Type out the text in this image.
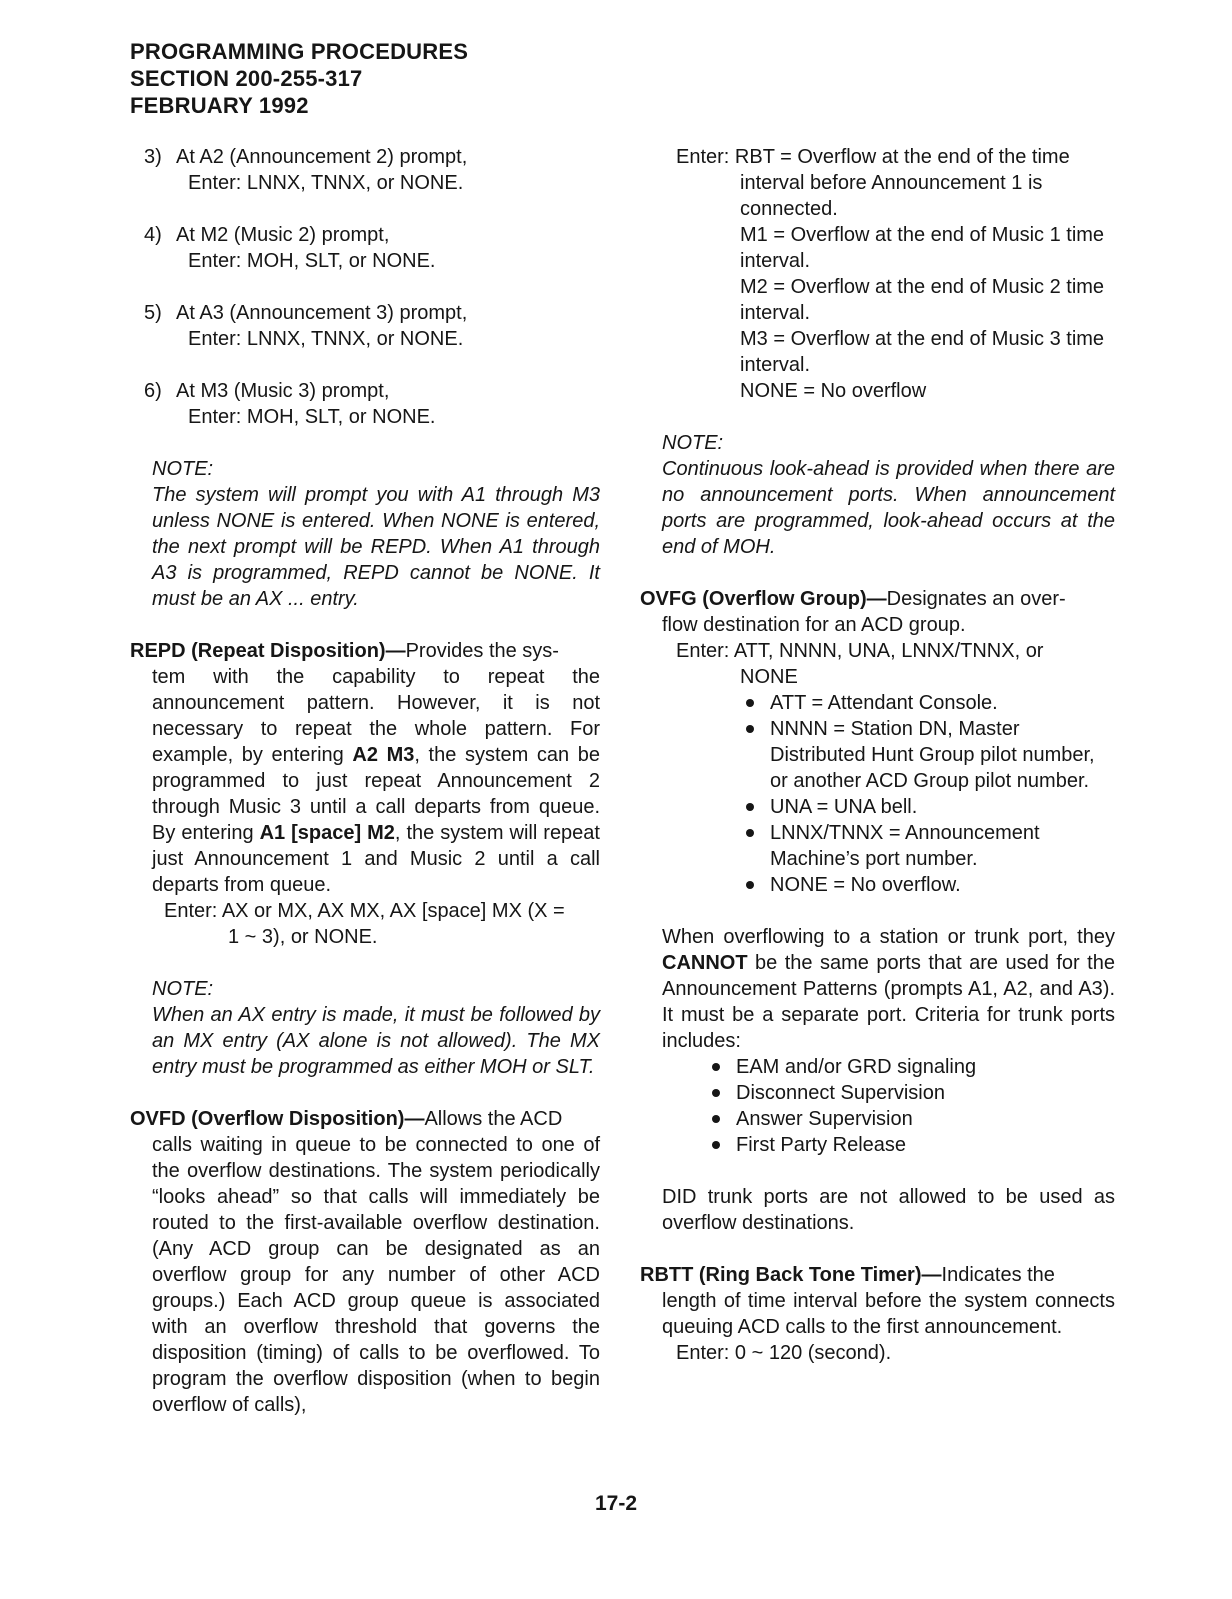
PROGRAMMING PROCEDURES
SECTION 200-255-317
FEBRUARY 1992
3) At A2 (Announcement 2) prompt,
Enter: LNNX, TNNX, or NONE.
4) At M2 (Music 2) prompt,
Enter: MOH, SLT, or NONE.
5) At A3 (Announcement 3) prompt,
Enter: LNNX, TNNX, or NONE.
6) At M3 (Music 3) prompt,
Enter: MOH, SLT, or NONE.
NOTE:
The system will prompt you with A1 through M3 unless NONE is entered. When NONE is entered, the next prompt will be REPD. When A1 through A3 is programmed, REPD cannot be NONE. It must be an AX ... entry.
REPD (Repeat Disposition)—Provides the sys-
tem with the capability to repeat the announcement pattern. However, it is not necessary to repeat the whole pattern. For example, by entering A2 M3, the system can be programmed to just repeat Announcement 2 through Music 3 until a call departs from queue. By entering A1 [space] M2, the system will repeat just Announcement 1 and Music 2 until a call departs from queue.
Enter: AX or MX, AX MX, AX [space] MX (X =
1 ~ 3), or NONE.
NOTE:
When an AX entry is made, it must be followed by an MX entry (AX alone is not allowed). The MX entry must be programmed as either MOH or SLT.
OVFD (Overflow Disposition)—Allows the ACD
calls waiting in queue to be connected to one of the overflow destinations. The system periodically “looks ahead” so that calls will immediately be routed to the first-available overflow destination. (Any ACD group can be designated as an overflow group for any number of other ACD groups.) Each ACD group queue is associated with an overflow threshold that governs the disposition (timing) of calls to be overflowed. To program the overflow disposition (when to begin overflow of calls),
Enter: RBT = Overflow at the end of the time
interval before Announcement 1 is connected.
M1 = Overflow at the end of Music 1 time interval.
M2 = Overflow at the end of Music 2 time interval.
M3 = Overflow at the end of Music 3 time interval.
NONE = No overflow
NOTE:
Continuous look-ahead is provided when there are no announcement ports. When announcement ports are programmed, look-ahead occurs at the end of MOH.
OVFG (Overflow Group)—Designates an over-
flow destination for an ACD group.
Enter: ATT, NNNN, UNA, LNNX/TNNX, or
NONE
ATT = Attendant Console.
NNNN = Station DN, Master Distributed Hunt Group pilot number, or another ACD Group pilot number.
UNA = UNA bell.
LNNX/TNNX = Announcement Machine’s port number.
NONE = No overflow.
When overflowing to a station or trunk port, they CANNOT be the same ports that are used for the Announcement Patterns (prompts A1, A2, and A3). It must be a separate port. Criteria for trunk ports includes:
EAM and/or GRD signaling
Disconnect Supervision
Answer Supervision
First Party Release
DID trunk ports are not allowed to be used as overflow destinations.
RBTT (Ring Back Tone Timer)—Indicates the
length of time interval before the system connects queuing ACD calls to the first announcement.
Enter: 0 ~ 120 (second).
17-2
